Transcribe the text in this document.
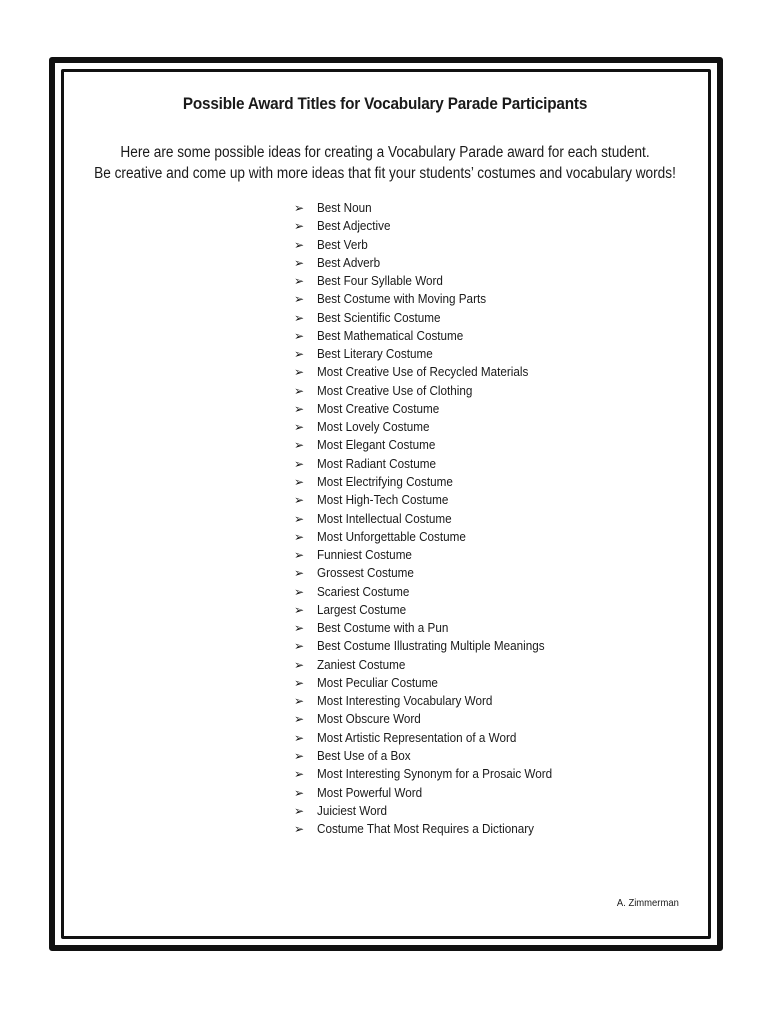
Possible Award Titles for Vocabulary Parade Participants
Here are some possible ideas for creating a Vocabulary Parade award for each student.
Be creative and come up with more ideas that fit your students’ costumes and vocabulary words!
➢ Best Noun
➢ Best Adjective
➢ Best Verb
➢ Best Adverb
➢ Best Four Syllable Word
➢ Best Costume with Moving Parts
➢ Best Scientific Costume
➢ Best Mathematical Costume
➢ Best Literary Costume
➢ Most Creative Use of Recycled Materials
➢ Most Creative Use of Clothing
➢ Most Creative Costume
➢ Most Lovely Costume
➢ Most Elegant Costume
➢ Most Radiant Costume
➢ Most Electrifying Costume
➢ Most High-Tech Costume
➢ Most Intellectual Costume
➢ Most Unforgettable Costume
➢ Funniest Costume
➢ Grossest Costume
➢ Scariest Costume
➢ Largest Costume
➢ Best Costume with a Pun
➢ Best Costume Illustrating Multiple Meanings
➢ Zaniest Costume
➢ Most Peculiar Costume
➢ Most Interesting Vocabulary Word
➢ Most Obscure Word
➢ Most Artistic Representation of a Word
➢ Best Use of a Box
➢ Most Interesting Synonym for a Prosaic Word
➢ Most Powerful Word
➢ Juiciest Word
➢ Costume That Most Requires a Dictionary
A. Zimmerman
